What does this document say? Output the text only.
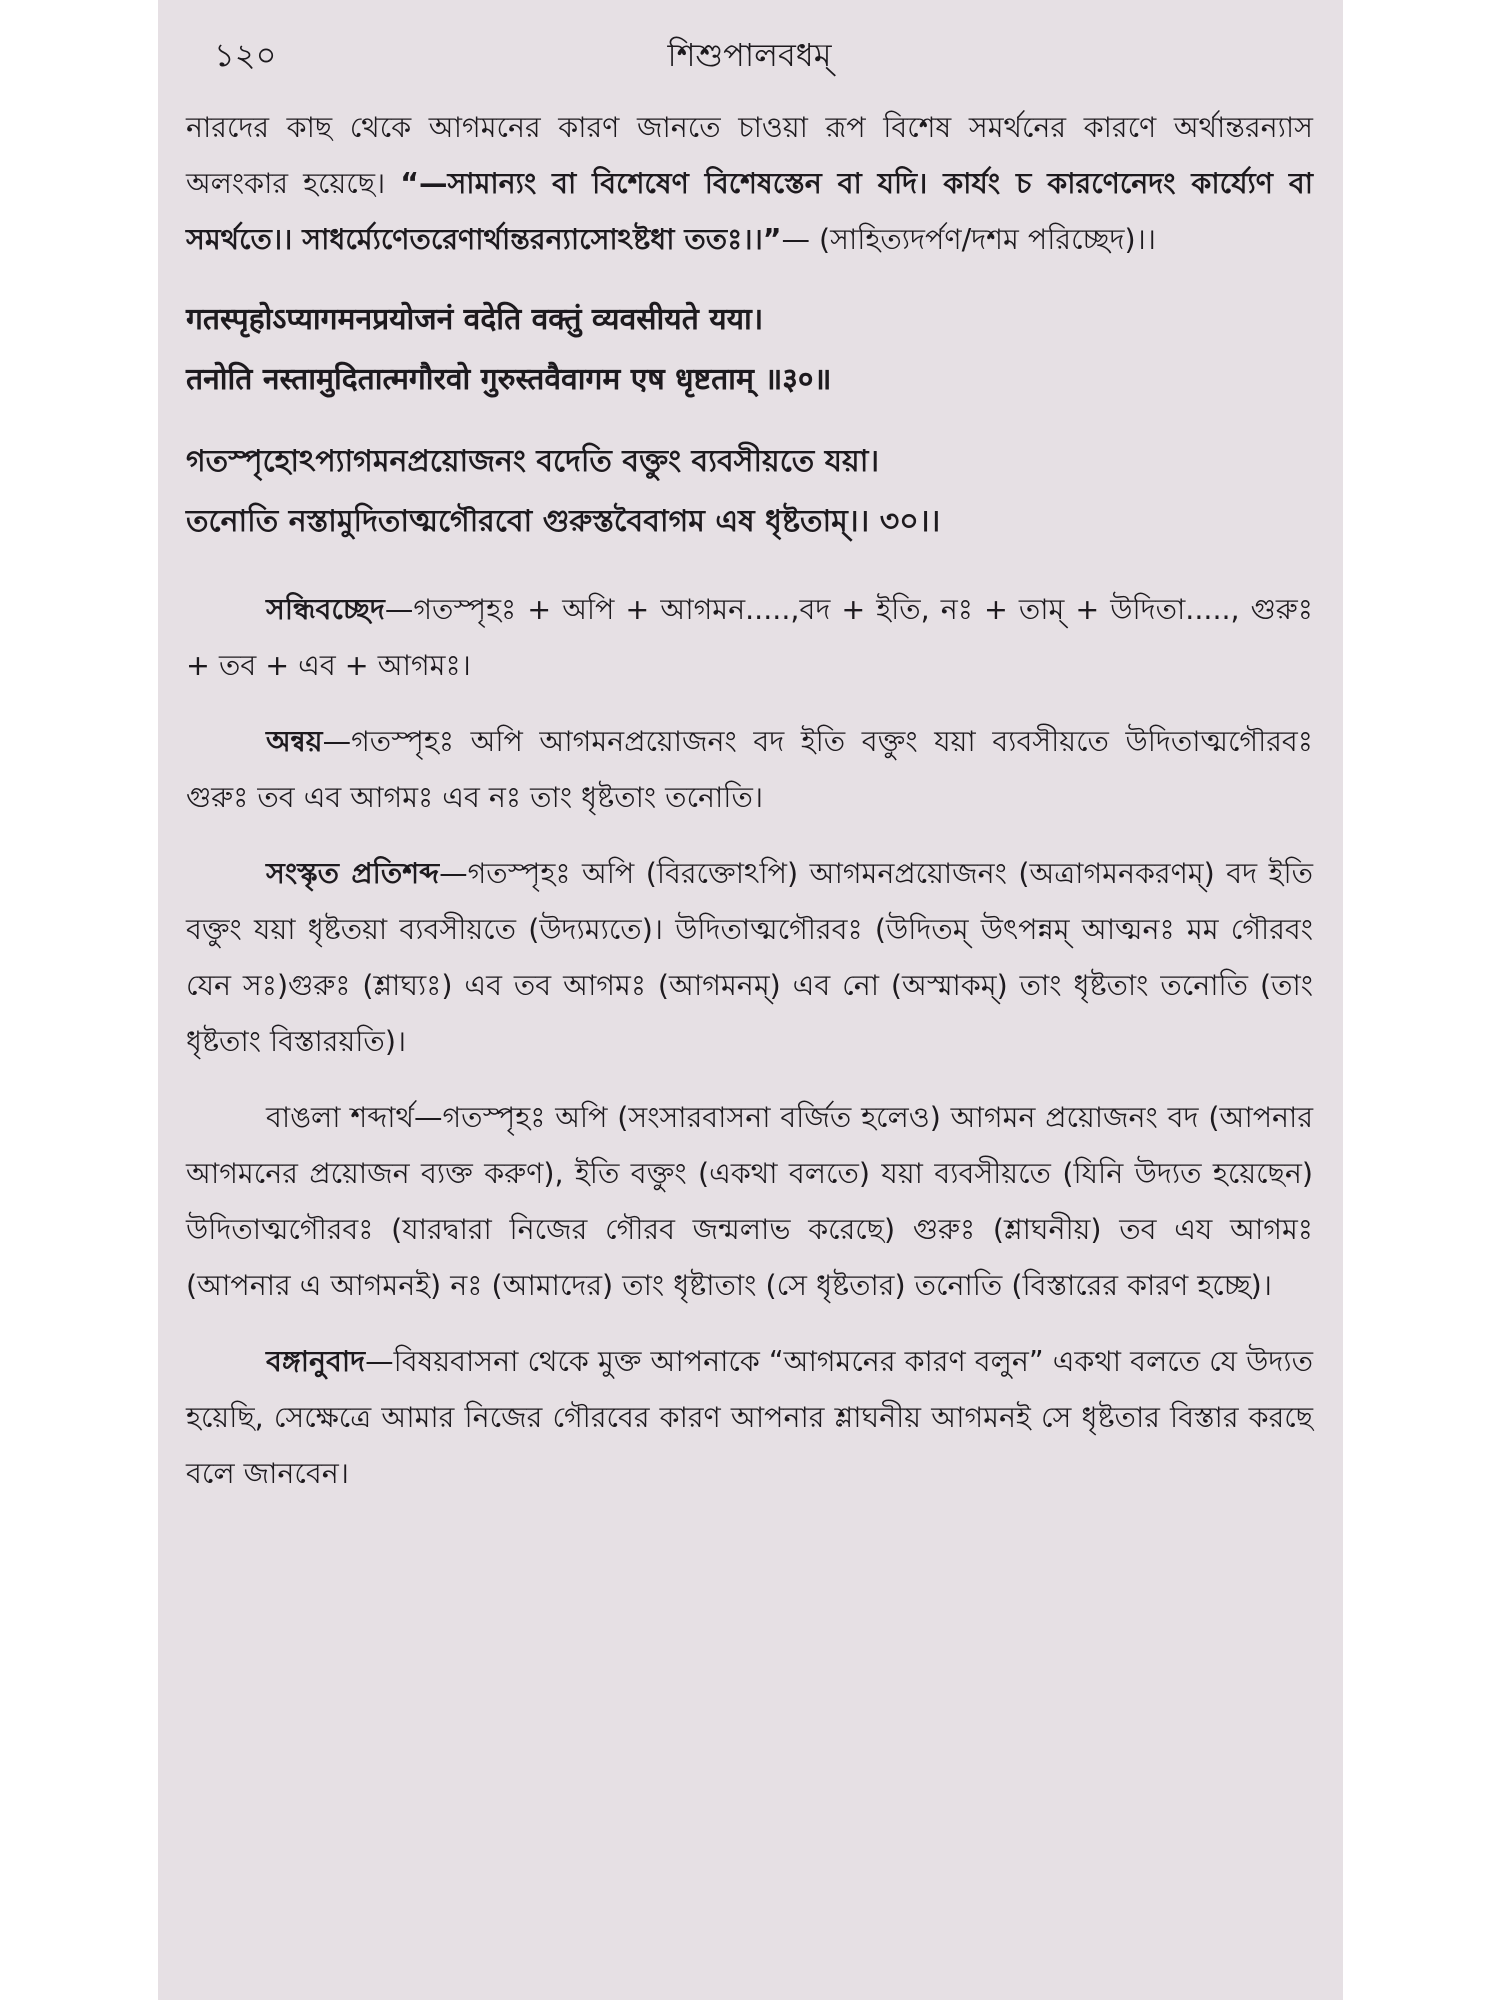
১২০	শিশুপালবধম্

নারদের কাছ থেকে আগমনের কারণ জানতে চাওয়া রূপ বিশেষ সমর্থনের কারণে অর্থান্তরন্যাস অলংকার হয়েছে। “—সামান্যং বা বিশেষেণ বিশেষস্তেন বা যদি। কার্যং চ কারণেনেদং কার্য্যেণ বা সমর্থতে।। সাধর্ম্যেণেতরেণার্থান্তরন্যাসোঽষ্টধা ততঃ।।”— (সাহিত্যদর্পণ/দশম পরিচ্ছেদ)।।

गतस्पृहोऽप्यागमनप्रयोजनं वदेति वक्तुं व्यवसीयते यया।
तनोति नस्तामुदितात्मगौरवो गुरुस्तवैवागम एष धृष्टताम् ॥३०॥
গতস্পৃহোঽপ্যাগমনপ্রয়োজনং বদেতি বক্তুং ব্যবসীয়তে যয়া।
তনোতি নস্তামুদিতাত্মগৌরবো গুরুস্তবৈবাগম এষ ধৃষ্টতাম্।। ৩০।।

সন্ধিবচ্ছেদ—গতস্পৃহঃ + অপি + আগমন.....,বদ + ইতি, নঃ + তাম্ + উদিতা....., গুরুঃ + তব + এব + আগমঃ।

অন্বয়—গতস্পৃহঃ অপি আগমনপ্রয়োজনং বদ ইতি বক্তুং যয়া ব্যবসীয়তে উদিতাত্মগৌরবঃ গুরুঃ তব এব আগমঃ এব নঃ তাং ধৃষ্টতাং তনোতি।

সংস্কৃত প্রতিশব্দ—গতস্পৃহঃ অপি (বিরক্তোঽপি) আগমনপ্রয়োজনং (অত্রাগমনকরণম্) বদ ইতি বক্তুং যয়া ধৃষ্টতয়া ব্যবসীয়তে (উদ্যম্যতে)। উদিতাত্মগৌরবঃ (উদিতম্ উৎপন্নম্ আত্মনঃ মম গৌরবং যেন সঃ)গুরুঃ (শ্লাঘ্যঃ) এব তব আগমঃ (আগমনম্) এব নো (অস্মাকম্) তাং ধৃষ্টতাং তনোতি (তাং ধৃষ্টতাং বিস্তারয়তি)।

বাঙলা শব্দার্থ—গতস্পৃহঃ অপি (সংসারবাসনা বর্জিত হলেও) আগমন প্রয়োজনং বদ (আপনার আগমনের প্রয়োজন ব্যক্ত করুণ), ইতি বক্তুং (একথা বলতে) যয়া ব্যবসীয়তে (যিনি উদ্যত হয়েছেন) উদিতাত্মগৌরবঃ (যারদ্বারা নিজের গৌরব জন্মলাভ করেছে) গুরুঃ (শ্লাঘনীয়) তব এয আগমঃ (আপনার এ আগমনই) নঃ (আমাদের) তাং ধৃষ্টাতাং (সে ধৃষ্টতার) তনোতি (বিস্তারের কারণ হচ্ছে)।

বঙ্গানুবাদ—বিষয়বাসনা থেকে মুক্ত আপনাকে “আগমনের কারণ বলুন” একথা বলতে যে উদ্যত হয়েছি, সেক্ষেত্রে আমার নিজের গৌরবের কারণ আপনার শ্লাঘনীয় আগমনই সে ধৃষ্টতার বিস্তার করছে বলে জানবেন।
